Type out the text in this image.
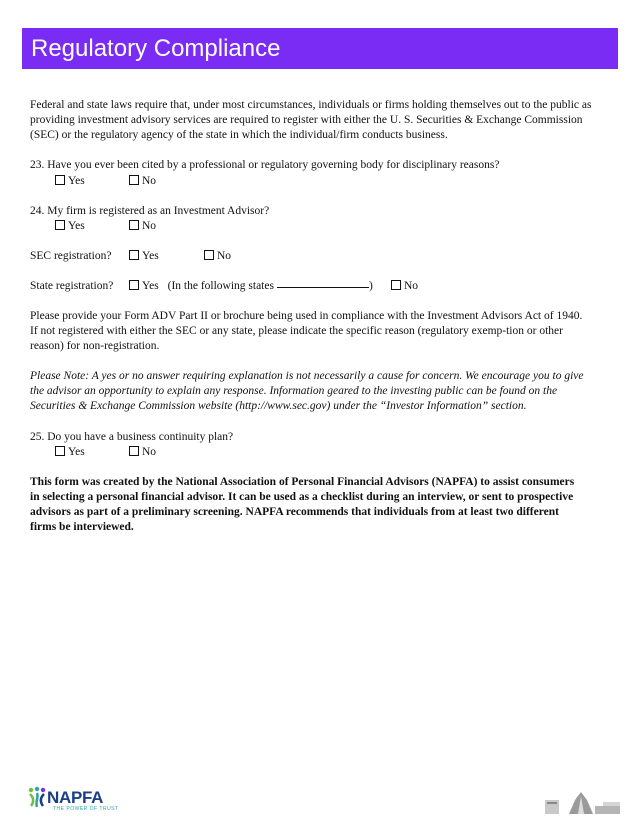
Regulatory Compliance
Federal and state laws require that, under most circumstances, individuals or firms holding themselves out to the public as providing investment advisory services are required to register with either the U. S. Securities & Exchange Commission (SEC) or the regulatory agency of the state in which the individual/firm conducts business.
23. Have you ever been cited by a professional or regulatory governing body for disciplinary reasons?
Yes	No
24. My firm is registered as an Investment Advisor?
Yes	No
SEC registration?	Yes	No
State registration?	Yes (In the following states	)	No
Please provide your Form ADV Part II or brochure being used in compliance with the Investment Advisors Act of 1940. If not registered with either the SEC or any state, please indicate the specific reason (regulatory exemp-tion or other reason) for non-registration.
Please Note: A yes or no answer requiring explanation is not necessarily a cause for concern. We encourage you to give the advisor an opportunity to explain any response. Information geared to the investing public can be found on the Securities & Exchange Commission website (http://www.sec.gov) under the “Investor Information” section.
25. Do you have a business continuity plan?
Yes	No
This form was created by the National Association of Personal Financial Advisors (NAPFA) to assist consumers in selecting a personal financial advisor. It can be used as a checklist during an interview, or sent to prospective advisors as part of a preliminary screening. NAPFA recommends that individuals from at least two different firms be interviewed.
NAPFA
THE POWER OF TRUST
